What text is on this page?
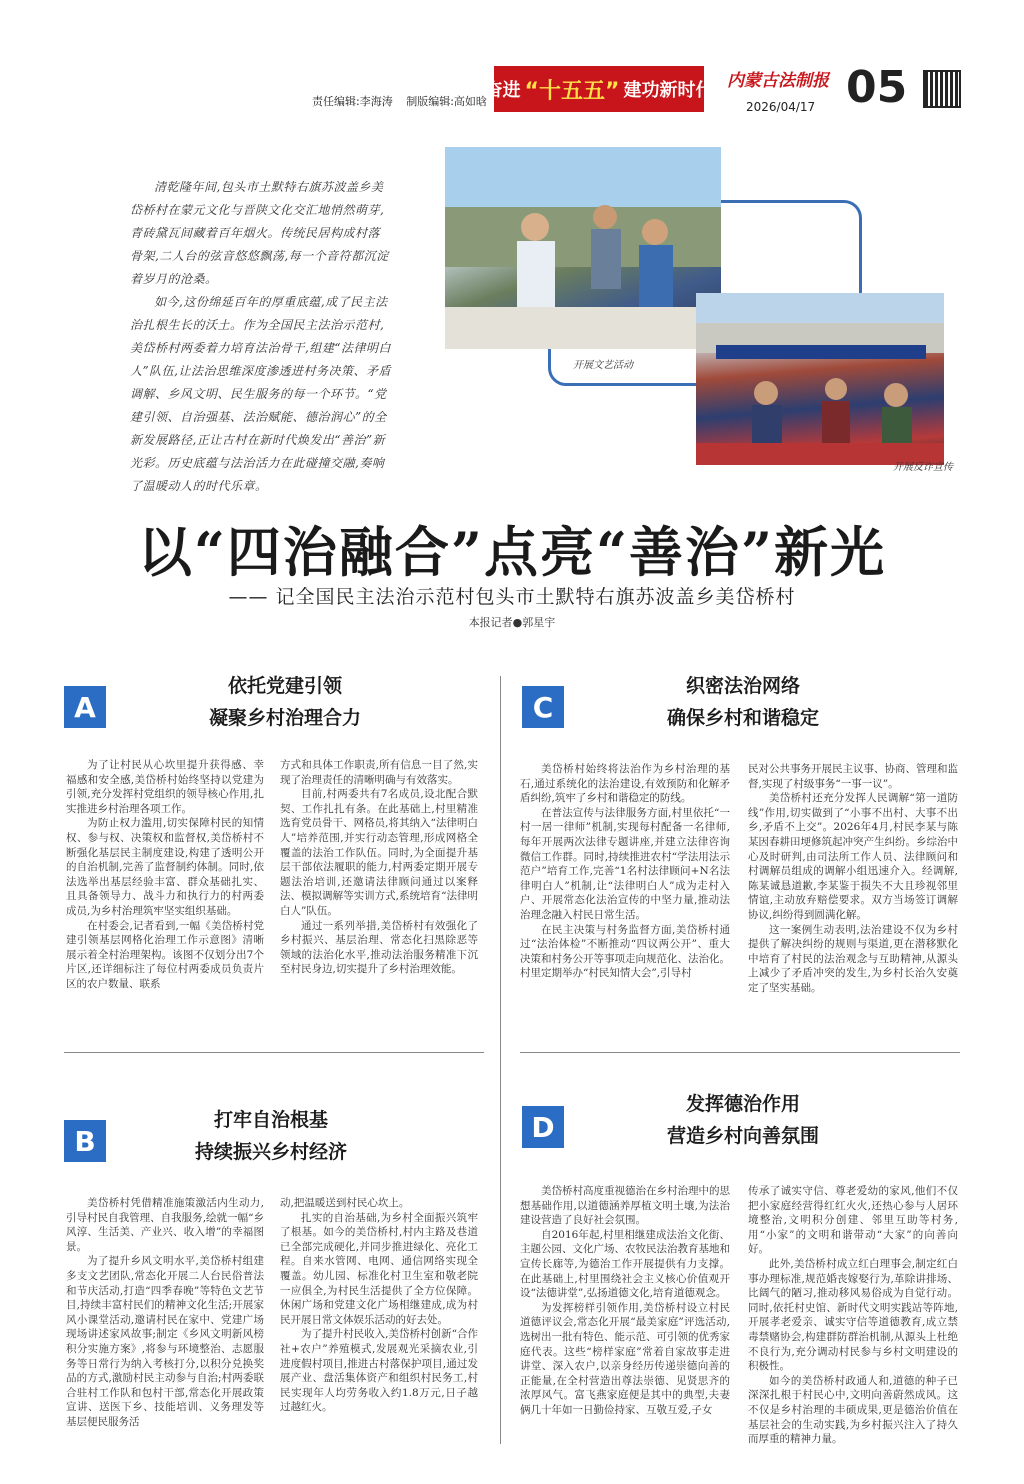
责任编辑:李海涛 制版编辑:高如晗
奋进 “十五五” 建功新时代 内蒙古法制报
2026/04/17 05

清乾隆年间,包头市土默特右旗苏波盖乡美岱桥村在蒙元文化与晋陕文化交汇地悄然萌芽,青砖黛瓦间藏着百年烟火。传统民居构成村落骨架,二人台的弦音悠悠飘荡,每一个音符都沉淀着岁月的沧桑。

如今,这份绵延百年的厚重底蕴,成了民主法治扎根生长的沃土。作为全国民主法治示范村,美岱桥村两委着力培育法治骨干,组建“法律明白人”队伍,让法治思维深度渗透进村务决策、矛盾调解、乡风文明、民生服务的每一个环节。“党建引领、自治强基、法治赋能、德治润心”的全新发展路径,正让古村在新时代焕发出“善治”新光彩。历史底蕴与法治活力在此碰撞交融,奏响了温暖动人的时代乐章。

开展文艺活动
开展反诈宣传
以“四治融合”点亮“善治”新光
—— 记全国民主法治示范村包头市土默特右旗苏波盖乡美岱桥村
本报记者●郭星宇
A
依托党建引领
凝聚乡村治理合力

为了让村民从心坎里提升获得感、幸福感和安全感,美岱桥村始终坚持以党建为引领,充分发挥村党组织的领导核心作用,扎实推进乡村治理各项工作。

为防止权力滥用,切实保障村民的知情权、参与权、决策权和监督权,美岱桥村不断强化基层民主制度建设,构建了透明公开的自治机制,完善了监督制约体制。同时,依法选举出基层经验丰富、群众基础扎实、且具备领导力、战斗力和执行力的村两委成员,为乡村治理筑牢坚实组织基础。

在村委会,记者看到,一幅《美岱桥村党建引领基层网格化治理工作示意图》清晰展示着全村治理架构。该图不仅划分出7个片区,还详细标注了每位村两委成员负责片区的农户数量、联系

方式和具体工作职责,所有信息一目了然,实现了治理责任的清晰明确与有效落实。

目前,村两委共有7名成员,设北配合默契、工作扎扎有条。在此基础上,村里精准选育党员骨干、网格员,将其纳入“法律明白人”培养范围,并实行动态管理,形成网格全覆盖的法治工作队伍。同时,为全面提升基层干部依法履职的能力,村两委定期开展专题法治培训,还邀请法律顾问通过以案释法、模拟调解等实训方式,系统培育“法律明白人”队伍。

通过一系列举措,美岱桥村有效强化了乡村振兴、基层治理、常态化扫黑除恶等领域的法治化水平,推动法治服务精准下沉至村民身边,切实提升了乡村治理效能。

C
织密法治网络
确保乡村和谐稳定

美岱桥村始终将法治作为乡村治理的基石,通过系统化的法治建设,有效预防和化解矛盾纠纷,筑牢了乡村和谐稳定的防线。

在普法宣传与法律服务方面,村里依托“一村一居一律师”机制,实现每村配备一名律师,每年开展两次法律专题讲座,并建立法律咨询微信工作群。同时,持续推进农村“学法用法示范户”培育工作,完善“1名村法律顾问+N名法律明白人”机制,让“法律明白人”成为走村入户、开展常态化法治宣传的中坚力量,推动法治理念融入村民日常生活。

在民主决策与村务监督方面,美岱桥村通过“法治体检”不断推动“四议两公开”、重大决策和村务公开等事项走向规范化、法治化。村里定期举办“村民知情大会”,引导村

民对公共事务开展民主议事、协商、管理和监督,实现了村级事务“一事一议”。

美岱桥村还充分发挥人民调解“第一道防线”作用,切实做到了“小事不出村、大事不出乡,矛盾不上交”。2026年4月,村民李某与陈某因春耕田埂修筑起冲突产生纠纷。乡综治中心及时研判,由司法所工作人员、法律顾问和村调解员组成的调解小组迅速介入。经调解,陈某诚恳道歉,李某鉴于损失不大且珍视邻里情谊,主动放弃赔偿要求。双方当场签订调解协议,纠纷得到圆满化解。

这一案例生动表明,法治建设不仅为乡村提供了解决纠纷的规则与渠道,更在潜移默化中培育了村民的法治观念与互助精神,从源头上减少了矛盾冲突的发生,为乡村长治久安奠定了坚实基础。

B
打牢自治根基
持续振兴乡村经济

美岱桥村凭借精准施策激活内生动力,引导村民自我管理、自我服务,绘就一幅“乡风淳、生活美、产业兴、收入增”的幸福图景。

为了提升乡风文明水平,美岱桥村组建多支文艺团队,常态化开展二人台民俗普法和节庆活动,打造“四季春晚”等特色文艺节目,持续丰富村民们的精神文化生活;开展家风小课堂活动,邀请村民在家中、党建广场现场讲述家风故事;制定《乡风文明新风榜积分实施方案》,将参与环境整治、志愿服务等日常行为纳入考核打分,以积分兑换奖品的方式,激励村民主动参与自治;村两委联合驻村工作队和包村干部,常态化开展政策宣讲、送医下乡、技能培训、义务理发等基层便民服务活

动,把温暖送到村民心坎上。

扎实的自治基础,为乡村全面振兴筑牢了根基。如今的美岱桥村,村内主路及巷道已全部完成硬化,并同步推进绿化、亮化工程。自来水管网、电网、通信网络实现全覆盖。幼儿园、标准化村卫生室和敬老院一应俱全,为村民生活提供了全方位保障。休闲广场和党建文化广场相继建成,成为村民开展日常文体娱乐活动的好去处。

为了提升村民收入,美岱桥村创新“合作社+农户”养殖模式,发展观光采摘农业,引进度假村项目,推进古村落保护项目,通过发展产业、盘活集体资产和组织村民务工,村民实现年人均劳务收入约1.8万元,日子越过越红火。

D
发挥德治作用
营造乡村向善氛围

美岱桥村高度重视德治在乡村治理中的思想基础作用,以道德涵养厚植文明土壤,为法治建设营造了良好社会氛围。

自2016年起,村里相继建成法治文化街、主题公园、文化广场、农牧民法治教育基地和宣传长廊等,为德治工作开展提供有力支撑。在此基础上,村里围绕社会主义核心价值观开设“法德讲堂”,弘扬道德文化,培育道德观念。

为发挥榜样引领作用,美岱桥村设立村民道德评议会,常态化开展“最美家庭”评选活动,选树出一批有特色、能示范、可引领的优秀家庭代表。这些“榜样家庭”常着自家故事走进讲堂、深入农户,以亲身经历传递崇德向善的正能量,在全村营造出尊法崇德、见贤思齐的浓厚风气。富飞燕家庭便是其中的典型,夫妻俩几十年如一日勤俭持家、互敬互爱,子女

传承了诚实守信、尊老爱幼的家风,他们不仅把小家庭经营得红红火火,还热心参与人居环境整治,文明积分创建、邻里互助等村务,用“小家”的文明和谐带动“大家”的向善向好。

此外,美岱桥村成立红白理事会,制定红白事办理标准,规范婚丧嫁娶行为,革除讲排场、比阔气的陋习,推动移风易俗成为自觉行动。同时,依托村史馆、新时代文明实践站等阵地,开展孝老爱亲、诚实守信等道德教育,成立禁毒禁赌协会,构建群防群治机制,从源头上杜绝不良行为,充分调动村民参与乡村文明建设的积极性。

如今的美岱桥村政通人和,道德的种子已深深扎根于村民心中,文明向善蔚然成风。这不仅是乡村治理的丰硕成果,更是德治价值在基层社会的生动实践,为乡村振兴注入了持久而厚重的精神力量。
